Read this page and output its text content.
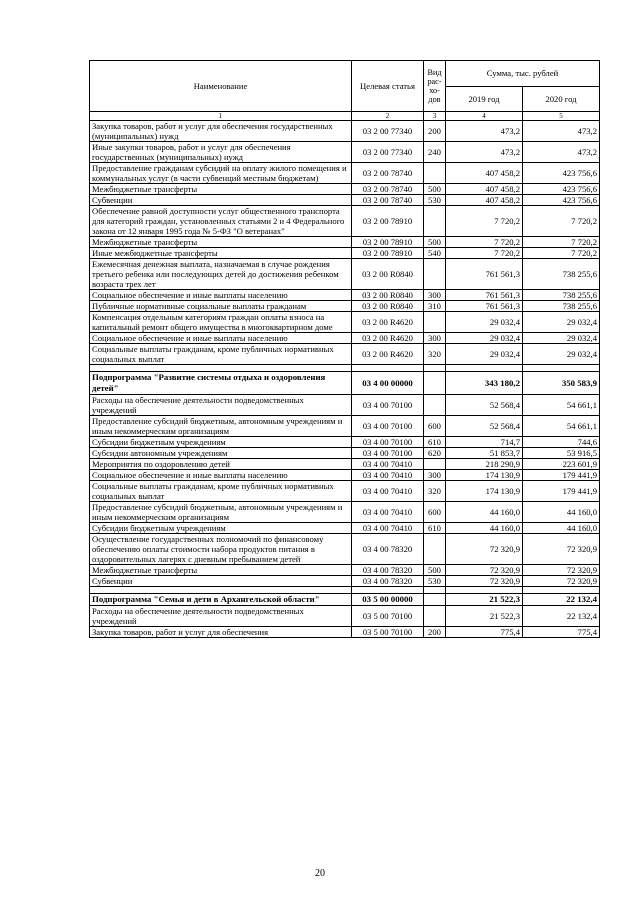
Наименование	Целевая статья	Вид рас-хо-дов	Сумма, тыс. рублей	
			2019 год	2020 год
1	2	3	4	5
Закупка товаров, работ и услуг для обеспечения государственных (муниципальных) нужд	03 2 00 77340	200	473,2	473,2
Иные закупки товаров, работ и услуг для обеспечения государственных (муниципальных) нужд	03 2 00 77340	240	473,2	473,2
Предоставление гражданам субсидий на оплату жилого помещения и коммунальных услуг (в части субвенций местным бюджетам)	03 2 00 78740		407 458,2	423 756,6
Межбюджетные трансферты	03 2 00 78740	500	407 458,2	423 756,6
Субвенции	03 2 00 78740	530	407 458,2	423 756,6
Обеспечение равной доступности услуг общественного транспорта для категорий граждан, установленных статьями 2 и 4 Федерального закона от 12 января 1995 года № 5-ФЗ "О ветеранах"	03 2 00 78910		7 720,2	7 720,2
Межбюджетные трансферты	03 2 00 78910	500	7 720,2	7 720,2
Иные межбюджетные трансферты	03 2 00 78910	540	7 720,2	7 720,2
Ежемесячная денежная выплата, назначаемая в случае рождения третьего ребенка или последующих детей до достижения ребенком возраста трех лет	03 2 00 R0840		761 561,3	738 255,6
Социальное обеспечение и иные выплаты населению	03 2 00 R0840	300	761 561,3	738 255,6
Публичные нормативные социальные выплаты гражданам	03 2 00 R0840	310	761 561,3	738 255,6
Компенсация отдельным категориям граждан оплаты взноса на капитальный ремонт общего имущества в многоквартирном доме	03 2 00 R4620		29 032,4	29 032,4
Социальное обеспечение и иные выплаты населению	03 2 00 R4620	300	29 032,4	29 032,4
Социальные выплаты гражданам, кроме публичных нормативных социальных выплат	03 2 00 R4620	320	29 032,4	29 032,4

Подпрограмма "Развитие системы отдыха и оздоровления детей"	03 4 00 00000		343 180,2	350 583,9
Расходы на обеспечение деятельности подведомственных учреждений	03 4 00 70100		52 568,4	54 661,1
Предоставление субсидий бюджетным, автономным учреждениям и иным некоммерческим организациям	03 4 00 70100	600	52 568,4	54 661,1
Субсидии бюджетным учреждениям	03 4 00 70100	610	714,7	744,6
Субсидии автономным учреждениям	03 4 00 70100	620	51 853,7	53 916,5
Мероприятия по оздоровлению детей	03 4 00 70410		218 290,9	223 601,9
Социальное обеспечение и иные выплаты населению	03 4 00 70410	300	174 130,9	179 441,9
Социальные выплаты гражданам, кроме публичных нормативных социальных выплат	03 4 00 70410	320	174 130,9	179 441,9
Предоставление субсидий бюджетным, автономным учреждениям и иным некоммерческим организациям	03 4 00 70410	600	44 160,0	44 160,0
Субсидии бюджетным учреждениям	03 4 00 70410	610	44 160,0	44 160,0
Осуществление государственных полномочий по финансовому обеспечению оплаты стоимости набора продуктов питания в оздоровительных лагерях с дневным пребыванием детей	03 4 00 78320		72 320,9	72 320,9
Межбюджетные трансферты	03 4 00 78320	500	72 320,9	72 320,9
Субвенции	03 4 00 78320	530	72 320,9	72 320,9

Подпрограмма "Семья и дети в Архангельской области"	03 5 00 00000		21 522,3	22 132,4
Расходы на обеспечение деятельности подведомственных учреждений	03 5 00 70100		21 522,3	22 132,4
Закупка товаров, работ и услуг для обеспечения	03 5 00 70100	200	775,4	775,4
20
